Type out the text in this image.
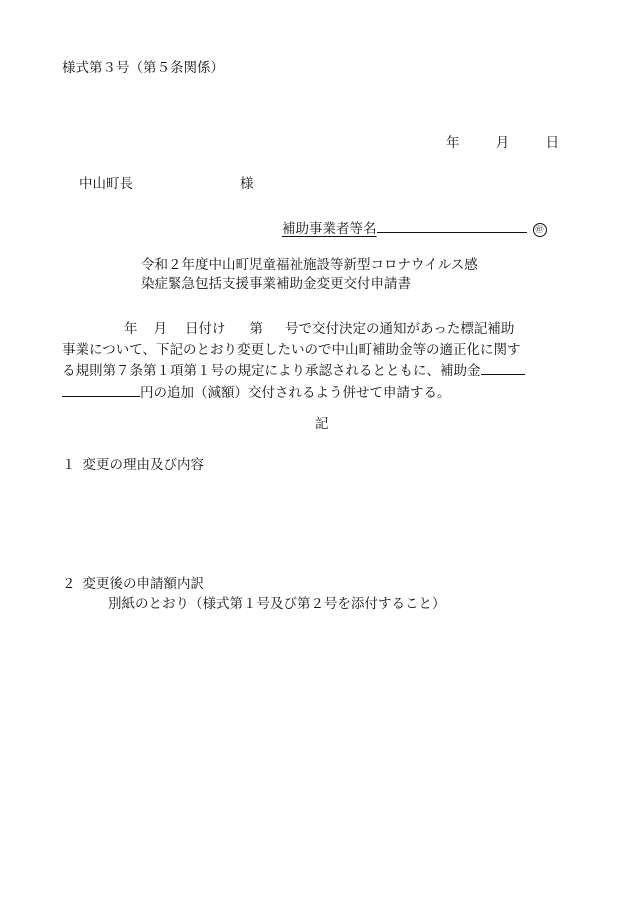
様式第３号（第５条関係）
年	月	日
中山町長	様
補助事業者等名	㊞
令和２年度中山町児童福祉施設等新型コロナウイルス感
染症緊急包括支援事業補助金変更交付申請書
年 月 日付け 第 号で交付決定の通知があった標記補助
事業について、下記のとおり変更したいので中山町補助金等の適正化に関す
る規則第７条第１項第１号の規定により承認されるとともに、補助金
円の追加（減額）交付されるよう併せて申請する。
記
１ 変更の理由及び内容
２ 変更後の申請額内訳
別紙のとおり（様式第１号及び第２号を添付すること）
